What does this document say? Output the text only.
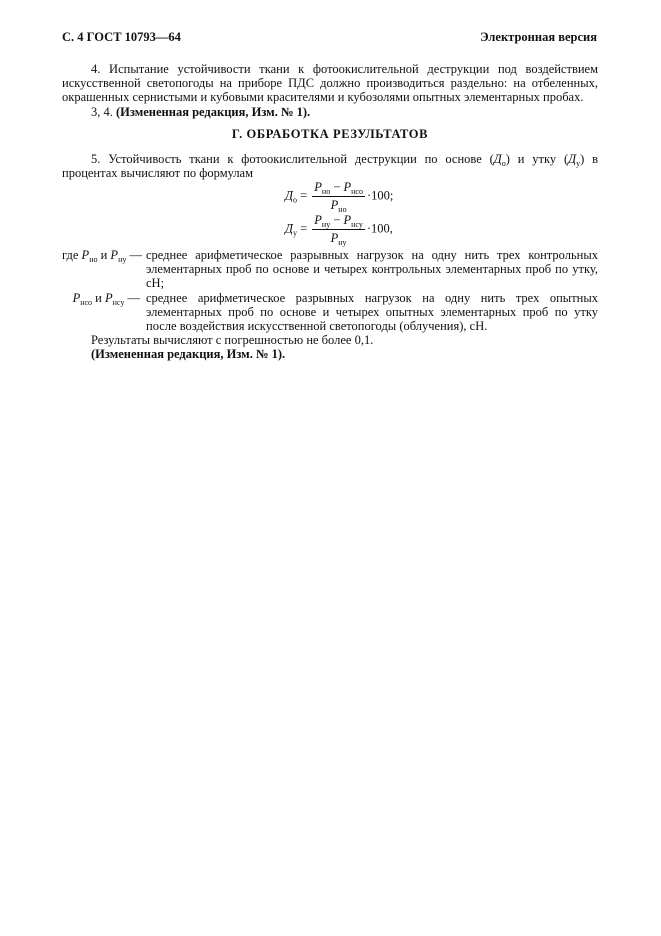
С. 4 ГОСТ 10793—64	Электронная версия

4. Испытание устойчивости ткани к фотоокислительной деструкции под воздействием искусственной светопогоды на приборе ПДС должно производиться раздельно: на отбеленных, окрашенных сернистыми и кубовыми красителями и кубозолями опытных элементарных пробах.

3, 4. (Измененная редакция, Изм. № 1).

Г. ОБРАБОТКА РЕЗУЛЬТАТОВ

5. Устойчивость ткани к фотоокислительной деструкции по основе $(Д_о)$ и утку $(Д_у)$ в процентах вычисляют по формулам

$Д_о = \frac{P_{но} - P_{нсо}}{P_{но}} \cdot 100$;
$Д_у = \frac{P_{ну} - P_{нсу}}{P_{ну}} \cdot 100$,
где $P_{но}$ и $P_{ну}$ — среднее арифметическое разрывных нагрузок на одну нить трех контрольных элементарных проб по основе и четырех контрольных элементарных проб по утку, сН;
$P_{нсо}$ и $P_{нсу}$ — среднее арифметическое разрывных нагрузок на одну нить трех опытных элементарных проб по основе и четырех опытных элементарных проб по утку после воздействия искусственной светопогоды (облучения), сН.

Результаты вычисляют с погрешностью не более 0,1.

(Измененная редакция, Изм. № 1).
